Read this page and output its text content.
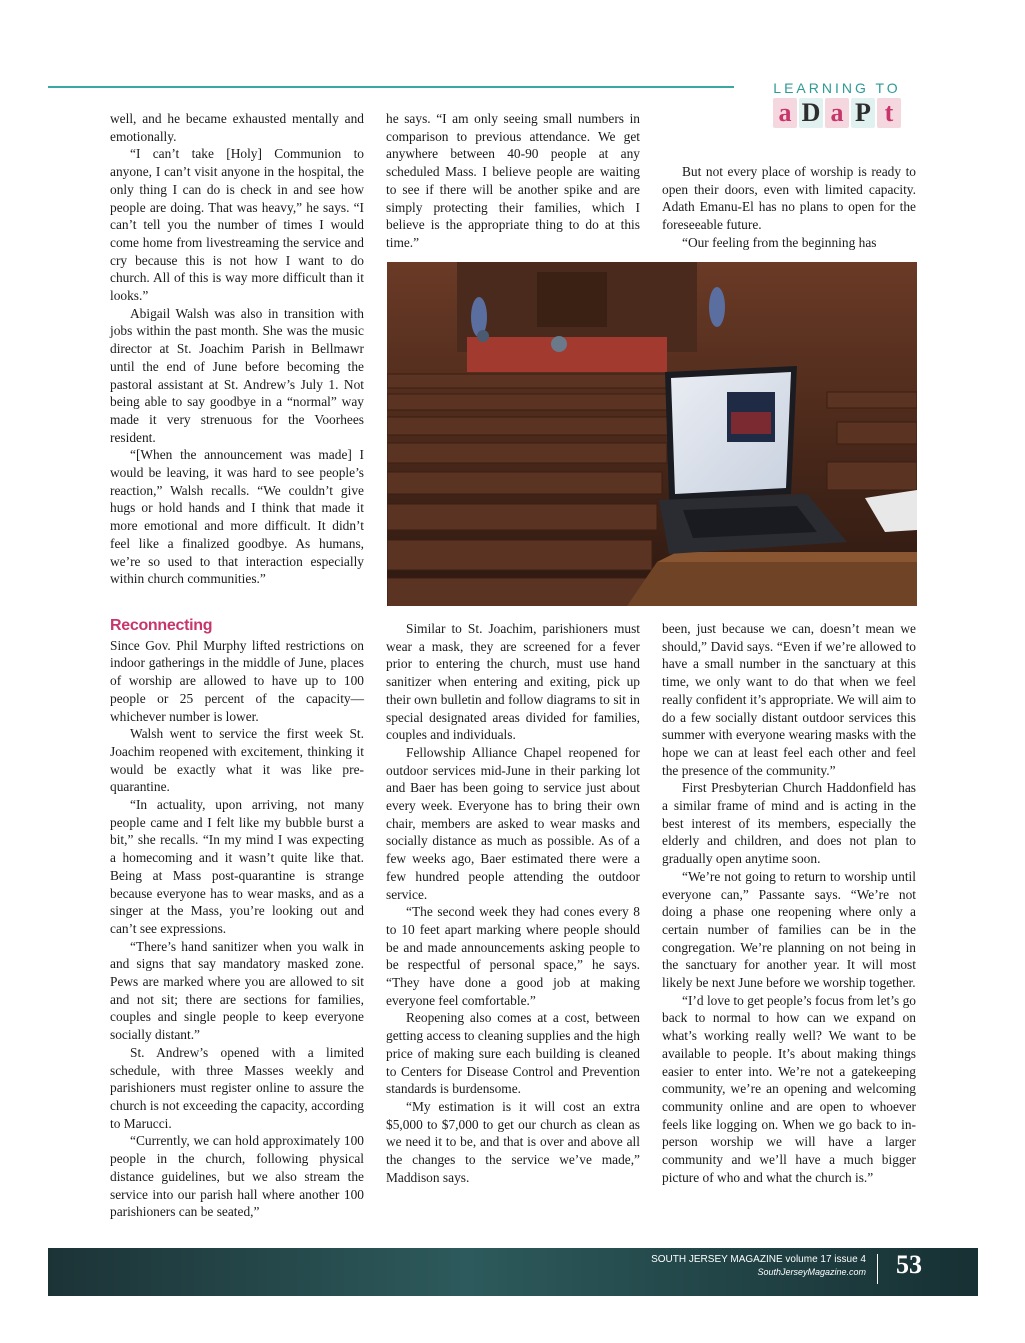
LEARNING TO
a D a P t

well, and he became exhausted mentally and emotionally.

“I can’t take [Holy] Communion to anyone, I can’t visit anyone in the hospital, the only thing I can do is check in and see how people are doing. That was heavy,” he says. “I can’t tell you the number of times I would come home from livestreaming the service and cry because this is not how I want to do church. All of this is way more difficult than it looks.”

Abigail Walsh was also in transition with jobs within the past month. She was the music director at St. Joachim Parish in Bellmawr until the end of June before becoming the pastoral assistant at St. Andrew’s July 1. Not being able to say goodbye in a “normal” way made it very strenuous for the Voorhees resident.

“[When the announcement was made] I would be leaving, it was hard to see people’s reaction,” Walsh recalls. “We couldn’t give hugs or hold hands and I think that made it more emotional and more difficult. It didn’t feel like a finalized goodbye. As humans, we’re so used to that interaction especially within church communities.”

he says. “I am only seeing small numbers in comparison to previous attendance. We get anywhere between 40-90 people at any scheduled Mass. I believe people are waiting to see if there will be another spike and are simply protecting their families, which I believe is the appropriate thing to do at this time.”

But not every place of worship is ready to open their doors, even with limited capacity. Adath Emanu-El has no plans to open for the foreseeable future.

“Our feeling from the beginning has

Reconnecting

Since Gov. Phil Murphy lifted restrictions on indoor gatherings in the middle of June, places of worship are allowed to have up to 100 people or 25 percent of the capacity—whichever number is lower.

Walsh went to service the first week St. Joachim reopened with excitement, thinking it would be exactly what it was like pre-quarantine.

“In actuality, upon arriving, not many people came and I felt like my bubble burst a bit,” she recalls. “In my mind I was expecting a homecoming and it wasn’t quite like that. Being at Mass post-quarantine is strange because everyone has to wear masks, and as a singer at the Mass, you’re looking out and can’t see expressions.

“There’s hand sanitizer when you walk in and signs that say mandatory masked zone. Pews are marked where you are allowed to sit and not sit; there are sections for families, couples and single people to keep everyone socially distant.”

St. Andrew’s opened with a limited schedule, with three Masses weekly and parishioners must register online to assure the church is not exceeding the capacity, according to Marucci.

“Currently, we can hold approximately 100 people in the church, following physical distance guidelines, but we also stream the service into our parish hall where another 100 parishioners can be seated,”

Similar to St. Joachim, parishioners must wear a mask, they are screened for a fever prior to entering the church, must use hand sanitizer when entering and exiting, pick up their own bulletin and follow diagrams to sit in special designated areas divided for families, couples and individuals.

Fellowship Alliance Chapel reopened for outdoor services mid-June in their parking lot and Baer has been going to service just about every week. Everyone has to bring their own chair, members are asked to wear masks and socially distance as much as possible. As of a few weeks ago, Baer estimated there were a few hundred people attending the outdoor service.

“The second week they had cones every 8 to 10 feet apart marking where people should be and made announcements asking people to be respectful of personal space,” he says. “They have done a good job at making everyone feel comfortable.”

Reopening also comes at a cost, between getting access to cleaning supplies and the high price of making sure each building is cleaned to Centers for Disease Control and Prevention standards is burdensome.

“My estimation is it will cost an extra $5,000 to $7,000 to get our church as clean as we need it to be, and that is over and above all the changes to the service we’ve made,” Maddison says.

been, just because we can, doesn’t mean we should,” David says. “Even if we’re allowed to have a small number in the sanctuary at this time, we only want to do that when we feel really confident it’s appropriate. We will aim to do a few socially distant outdoor services this summer with everyone wearing masks with the hope we can at least feel each other and feel the presence of the community.”

First Presbyterian Church Haddonfield has a similar frame of mind and is acting in the best interest of its members, especially the elderly and children, and does not plan to gradually open anytime soon.

“We’re not going to return to worship until everyone can,” Passante says. “We’re not doing a phase one reopening where only a certain number of families can be in the congregation. We’re planning on not being in the sanctuary for another year. It will most likely be next June before we worship together.

“I’d love to get people’s focus from let’s go back to normal to how can we expand on what’s working really well? We want to be available to people. It’s about making things easier to enter into. We’re not a gatekeeping community, we’re an opening and welcoming community online and are open to whoever feels like logging on. When we go back to in-person worship we will have a larger community and we’ll have a much bigger picture of who and what the church is.”

SOUTH JERSEY MAGAZINE volume 17 issue 4
SouthJerseyMagazine.com 53
